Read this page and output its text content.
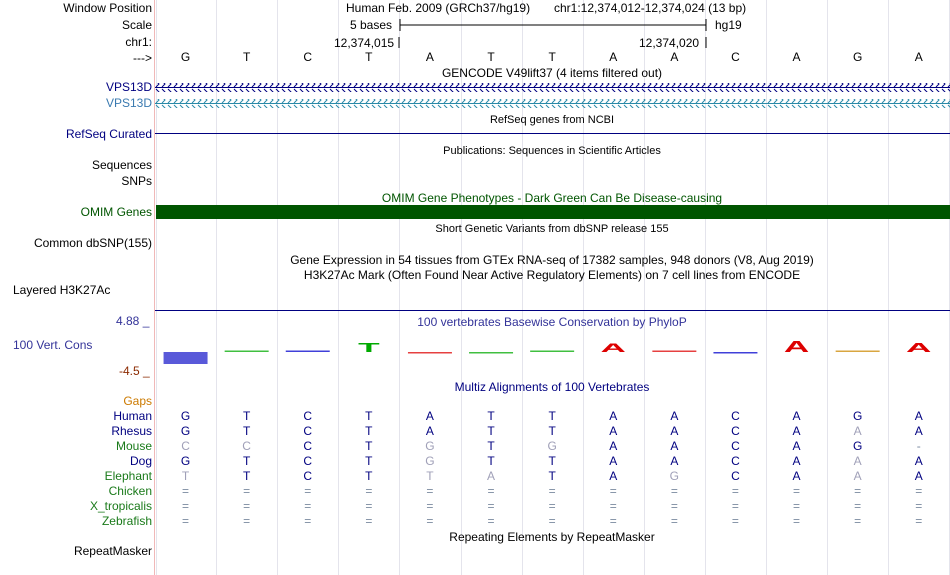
Window Position
Scale
chr1:
--->
Human Feb. 2009 (GRCh37/hg19) chr1:12,374,012-12,374,024 (13 bp)
5 bases	hg19
12,374,015	12,374,020
G	T	C	T	A	T	T	A	A	C	A	G	A
GENCODE V49lift37 (4 items filtered out)
VPS13D
VPS13D
RefSeq genes from NCBI
RefSeq Curated
Publications: Sequences in Scientific Articles
Sequences
SNPs
OMIM Gene Phenotypes - Dark Green Can Be Disease-causing
OMIM Genes
Short Genetic Variants from dbSNP release 155
Common dbSNP(155)
Gene Expression in 54 tissues from GTEx RNA-seq of 17382 samples, 948 donors (V8, Aug 2019)
H3K27Ac Mark (Often Found Near Active Regulatory Elements) on 7 cell lines from ENCODE
Layered H3K27Ac
100 vertebrates Basewise Conservation by PhyloP
4.88 _
100 Vert. Cons
-4.5 _
T	A	A	A
Multiz Alignments of 100 Vertebrates
Gaps
Human G	T	C	T	A	T	T	A	A	C	A	G	A
Rhesus G	T	C	T	A	T	T	A	A	C	A	A	A
Mouse C	C	C	T	G	T	G	A	A	C	A	G	-
Dog G	T	C	T	G	T	T	A	A	C	A	A	A
Elephant T	T	C	T	T	A	T	A	G	C	A	A	A
Chicken	=	=	=	=	=	=	=	=	=	=	=	=	=
X_tropicalis	=	=	=	=	=	=	=	=	=	=	=	=	=
Zebrafish	=	=	=	=	=	=	=	=	=	=	=	=	=
Repeating Elements by RepeatMasker
RepeatMasker
